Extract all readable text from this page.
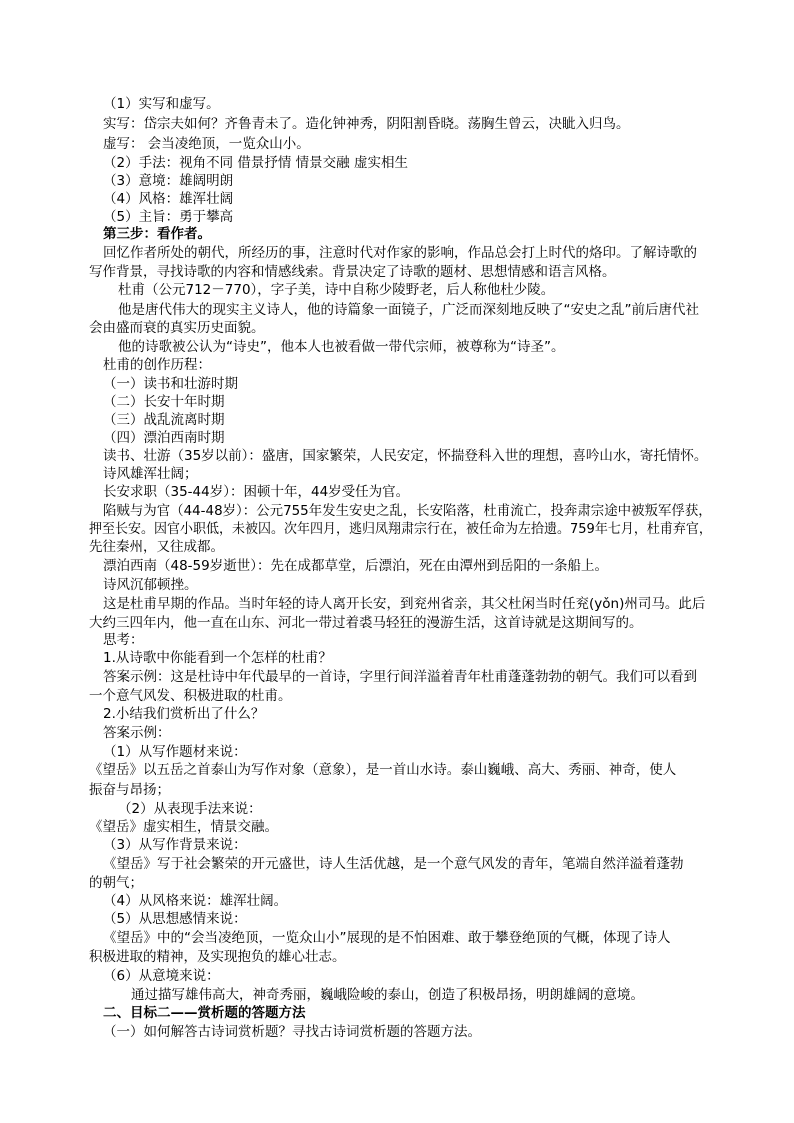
（1）实写和虚写。
实写：岱宗夫如何？齐鲁青未了。造化钟神秀，阴阳割昏晓。荡胸生曾云，决眦入归鸟。
虚写： 会当凌绝顶，一览众山小。
（2）手法：视角不同 借景抒情 情景交融 虚实相生
（3）意境：雄阔明朗
（4）风格：雄浑壮阔
（5）主旨：勇于攀高
第三步：看作者。
回忆作者所处的朝代，所经历的事，注意时代对作家的影响，作品总会打上时代的烙印。了解诗歌的
写作背景，寻找诗歌的内容和情感线索。背景决定了诗歌的题材、思想情感和语言风格。
杜甫（公元712－770），字子美，诗中自称少陵野老，后人称他杜少陵。
他是唐代伟大的现实主义诗人，他的诗篇象一面镜子，广泛而深刻地反映了“安史之乱”前后唐代社
会由盛而衰的真实历史面貌。
他的诗歌被公认为“诗史”，他本人也被看做一带代宗师，被尊称为“诗圣”。
杜甫的创作历程：
（一）读书和壮游时期
（二）长安十年时期
（三）战乱流离时期
（四）漂泊西南时期
读书、壮游（35岁以前）：盛唐，国家繁荣，人民安定，怀揣登科入世的理想，喜吟山水，寄托情怀。
诗风雄浑壮阔；
长安求职（35-44岁）：困顿十年，44岁受任为官。
陷贼与为官（44-48岁）：公元755年发生安史之乱，长安陷落，杜甫流亡，投奔肃宗途中被叛军俘获，
押至长安。因官小职低，未被囚。次年四月，逃归凤翔肃宗行在，被任命为左拾遗。759年七月，杜甫弃官，
先往秦州，又往成都。
漂泊西南（48-59岁逝世）：先在成都草堂，后漂泊，死在由潭州到岳阳的一条船上。
诗风沉郁顿挫。
这是杜甫早期的作品。当时年轻的诗人离开长安，到兖州省亲，其父杜闲当时任兖(yǒn)州司马。此后
大约三四年内，他一直在山东、河北一带过着裘马轻狂的漫游生活，这首诗就是这期间写的。
思考：
1.从诗歌中你能看到一个怎样的杜甫？
答案示例：这是杜诗中年代最早的一首诗，字里行间洋溢着青年杜甫蓬蓬勃勃的朝气。我们可以看到
一个意气风发、积极进取的杜甫。
2.小结我们赏析出了什么？
答案示例：
（1）从写作题材来说：
《望岳》以五岳之首泰山为写作对象（意象），是一首山水诗。泰山巍峨、高大、秀丽、神奇，使人
振奋与昂扬；
（2）从表现手法来说：
《望岳》虚实相生，情景交融。
（3）从写作背景来说：
《望岳》写于社会繁荣的开元盛世，诗人生活优越，是一个意气风发的青年，笔端自然洋溢着蓬勃
的朝气；
（4）从风格来说：雄浑壮阔。
（5）从思想感情来说：
《望岳》中的“会当凌绝顶，一览众山小”展现的是不怕困难、敢于攀登绝顶的气概，体现了诗人
积极进取的精神，及实现抱负的雄心壮志。
（6）从意境来说：
通过描写雄伟高大，神奇秀丽，巍峨险峻的泰山，创造了积极昂扬，明朗雄阔的意境。
二、目标二——赏析题的答题方法
（一）如何解答古诗词赏析题？寻找古诗词赏析题的答题方法。
